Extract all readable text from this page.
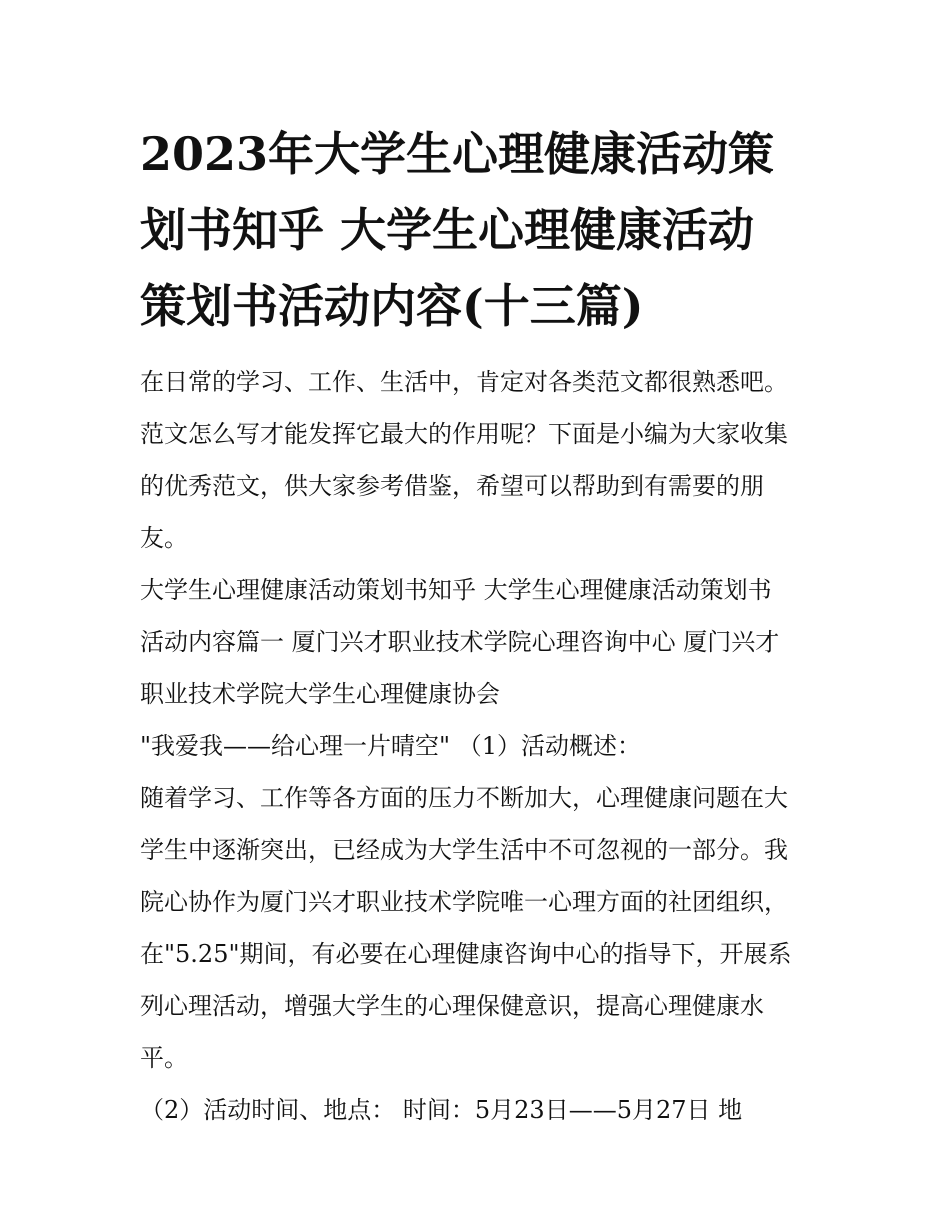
2023年大学生心理健康活动策
划书知乎 大学生心理健康活动
策划书活动内容(十三篇)
在日常的学习、工作、生活中，肯定对各类范文都很熟悉吧。
范文怎么写才能发挥它最大的作用呢？下面是小编为大家收集
的优秀范文，供大家参考借鉴，希望可以帮助到有需要的朋
友。
大学生心理健康活动策划书知乎 大学生心理健康活动策划书
活动内容篇一 厦门兴才职业技术学院心理咨询中心 厦门兴才
职业技术学院大学生心理健康协会
"我爱我——给心理一片晴空" （1）活动概述：
随着学习、工作等各方面的压力不断加大，心理健康问题在大
学生中逐渐突出，已经成为大学生活中不可忽视的一部分。我
院心协作为厦门兴才职业技术学院唯一心理方面的社团组织，
在"5.25"期间，有必要在心理健康咨询中心的指导下，开展系
列心理活动，增强大学生的心理保健意识，提高心理健康水
平。
（2）活动时间、地点： 时间：5月23日——5月27日 地
